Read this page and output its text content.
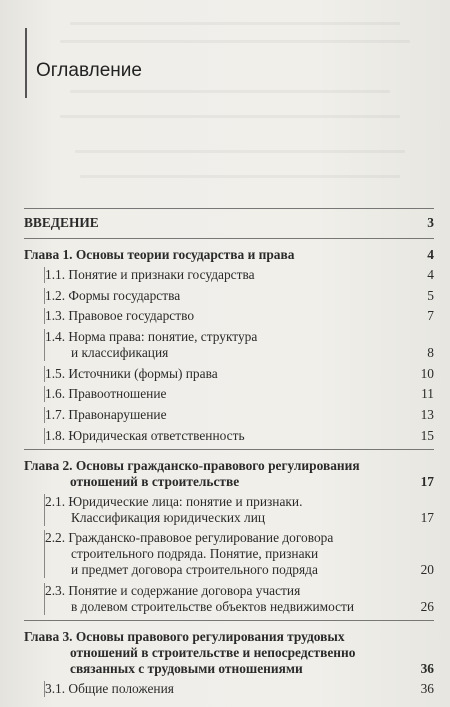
Оглавление
ВВЕДЕНИЕ	3
Глава 1. Основы теории государства и права	4
1.1. Понятие и признаки государства	4
1.2. Формы государства	5
1.3. Правовое государство	7
1.4. Норма права: понятие, структура
и классификация	8
1.5. Источники (формы) права	10
1.6. Правоотношение	11
1.7. Правонарушение	13
1.8. Юридическая ответственность	15
Глава 2. Основы гражданско-правового регулирования
отношений в строительстве	17
2.1. Юридические лица: понятие и признаки.
Классификация юридических лиц	17
2.2. Гражданско-правовое регулирование договора
строительного подряда. Понятие, признаки
и предмет договора строительного подряда	20
2.3. Понятие и содержание договора участия
в долевом строительстве объектов недвижимости	26
Глава 3. Основы правового регулирования трудовых
отношений в строительстве и непосредственно
связанных с трудовыми отношениями	36
3.1. Общие положения	36
